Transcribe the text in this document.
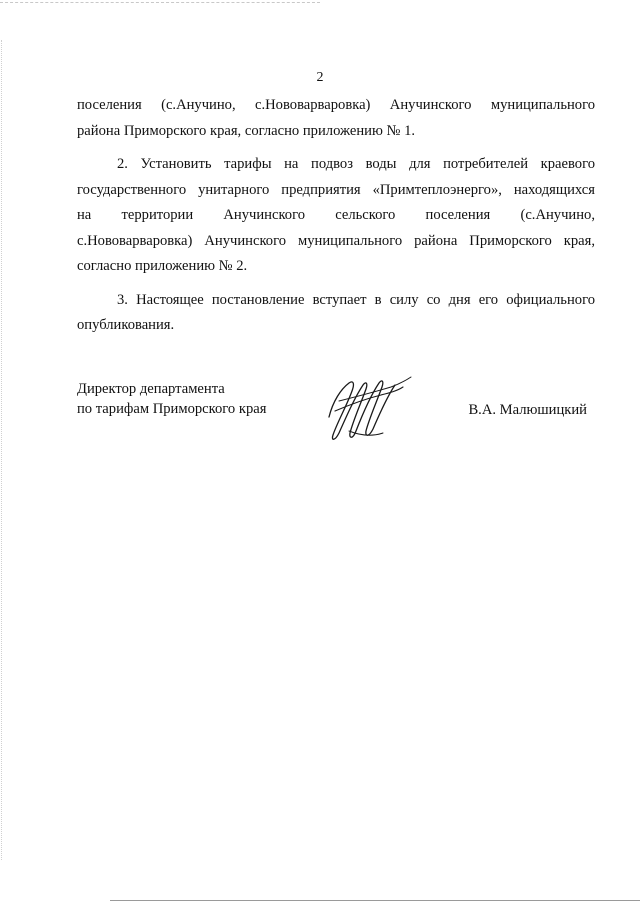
2

поселения (с.Анучино, с.Нововарваровка) Анучинского муниципального
района Приморского края, согласно приложению № 1.

2. Установить тарифы на подвоз воды для потребителей краевого
государственного унитарного предприятия «Примтеплоэнерго», находящихся
на территории Анучинского сельского поселения (с.Анучино,
с.Нововарваровка) Анучинского муниципального района Приморского края,
согласно приложению № 2.

3. Настоящее постановление вступает в силу со дня его официального
опубликования.

Директор департамента
по тарифам Приморского края	В.А. Малюшицкий
